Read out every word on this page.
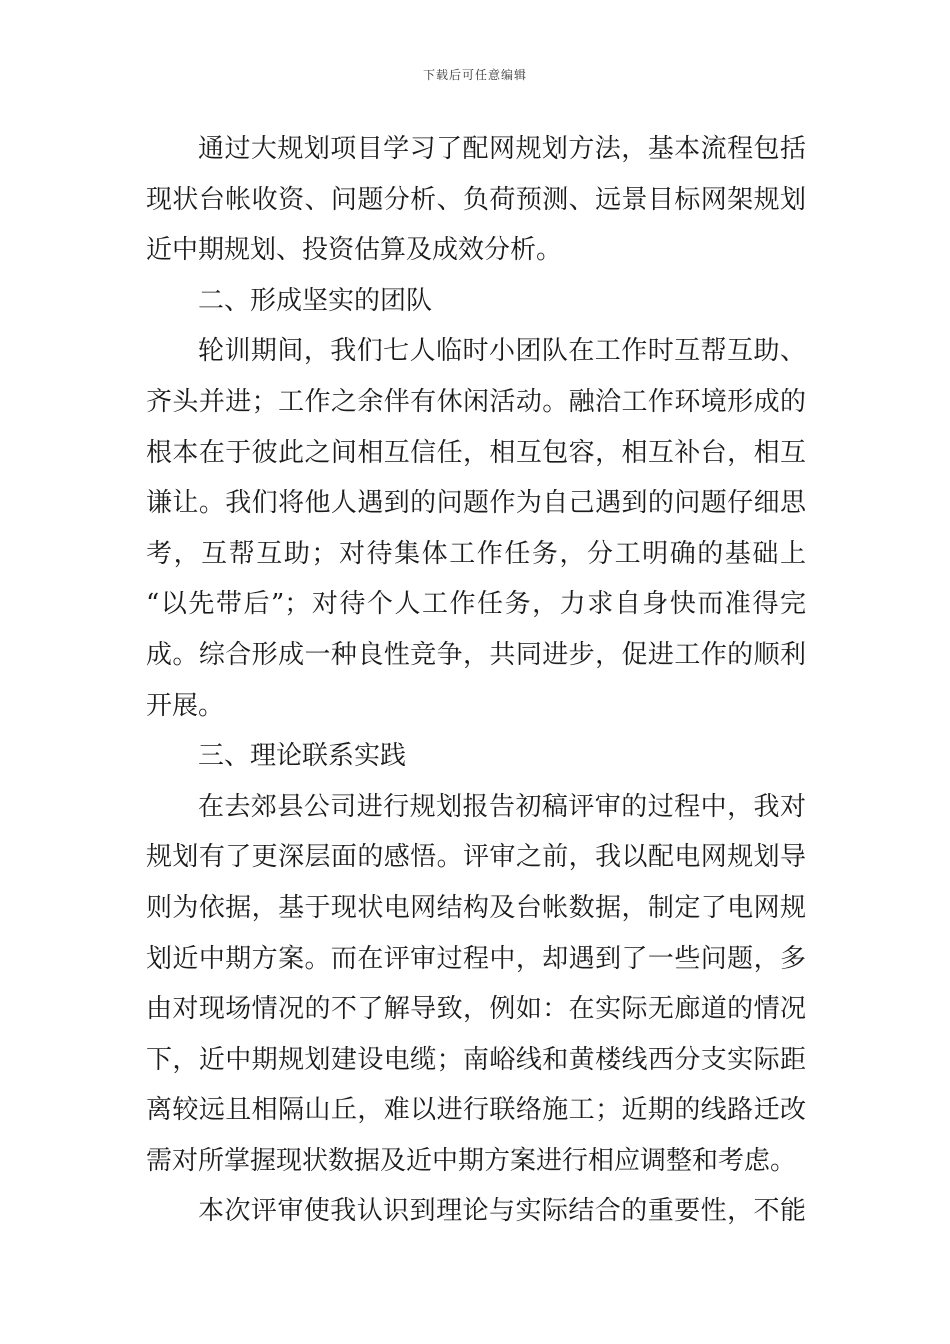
下载后可任意编辑
通过大规划项目学习了配网规划方法，基本流程包括
现状台帐收资、问题分析、负荷预测、远景目标网架规划
近中期规划、投资估算及成效分析。
二、形成坚实的团队
轮训期间，我们七人临时小团队在工作时互帮互助、
齐头并进；工作之余伴有休闲活动。融洽工作环境形成的
根本在于彼此之间相互信任，相互包容，相互补台，相互
谦让。我们将他人遇到的问题作为自己遇到的问题仔细思
考，互帮互助；对待集体工作任务，分工明确的基础上
“以先带后”；对待个人工作任务，力求自身快而准得完
成。综合形成一种良性竞争，共同进步，促进工作的顺利
开展。
三、理论联系实践
在去郊县公司进行规划报告初稿评审的过程中，我对
规划有了更深层面的感悟。评审之前，我以配电网规划导
则为依据，基于现状电网结构及台帐数据，制定了电网规
划近中期方案。而在评审过程中，却遇到了一些问题，多
由对现场情况的不了解导致，例如：在实际无廊道的情况
下，近中期规划建设电缆；南峪线和黄楼线西分支实际距
离较远且相隔山丘，难以进行联络施工；近期的线路迁改
需对所掌握现状数据及近中期方案进行相应调整和考虑。
本次评审使我认识到理论与实际结合的重要性，不能
